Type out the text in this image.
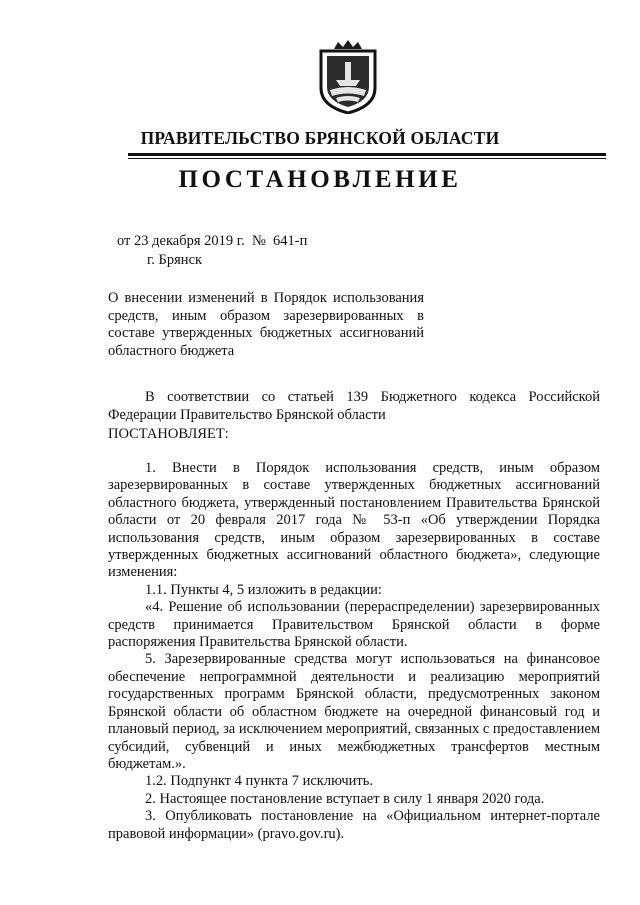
ПРАВИТЕЛЬСТВО БРЯНСКОЙ ОБЛАСТИ
ПОСТАНОВЛЕНИЕ
от 23 декабря 2019 г.  №  641-п
г. Брянск
О внесении изменений в Порядок использования средств, иным образом зарезервированных в составе утвержденных бюджетных ассигнований областного бюджета
В соответствии со статьей 139 Бюджетного кодекса Российской Федерации Правительство Брянской области
ПОСТАНОВЛЯЕТ:

1. Внести в Порядок использования средств, иным образом зарезервированных в составе утвержденных бюджетных ассигнований областного бюджета, утвержденный постановлением Правительства Брянской области от 20 февраля 2017 года № 53-п «Об утверждении Порядка использования средств, иным образом зарезервированных в составе утвержденных бюджетных ассигнований областного бюджета», следующие изменения:

1.1. Пункты 4, 5 изложить в редакции:

«4. Решение об использовании (перераспределении) зарезервированных средств принимается Правительством Брянской области в форме распоряжения Правительства Брянской области.

5. Зарезервированные средства могут использоваться на финансовое обеспечение непрограммной деятельности и реализацию мероприятий государственных программ Брянской области, предусмотренных законом Брянской области об областном бюджете на очередной финансовый год и плановый период, за исключением мероприятий, связанных с предоставлением субсидий, субвенций и иных межбюджетных трансфертов местным бюджетам.».

1.2. Подпункт 4 пункта 7 исключить.

2. Настоящее постановление вступает в силу 1 января 2020 года.

3. Опубликовать постановление на «Официальном интернет-портале правовой информации» (pravo.gov.ru).
